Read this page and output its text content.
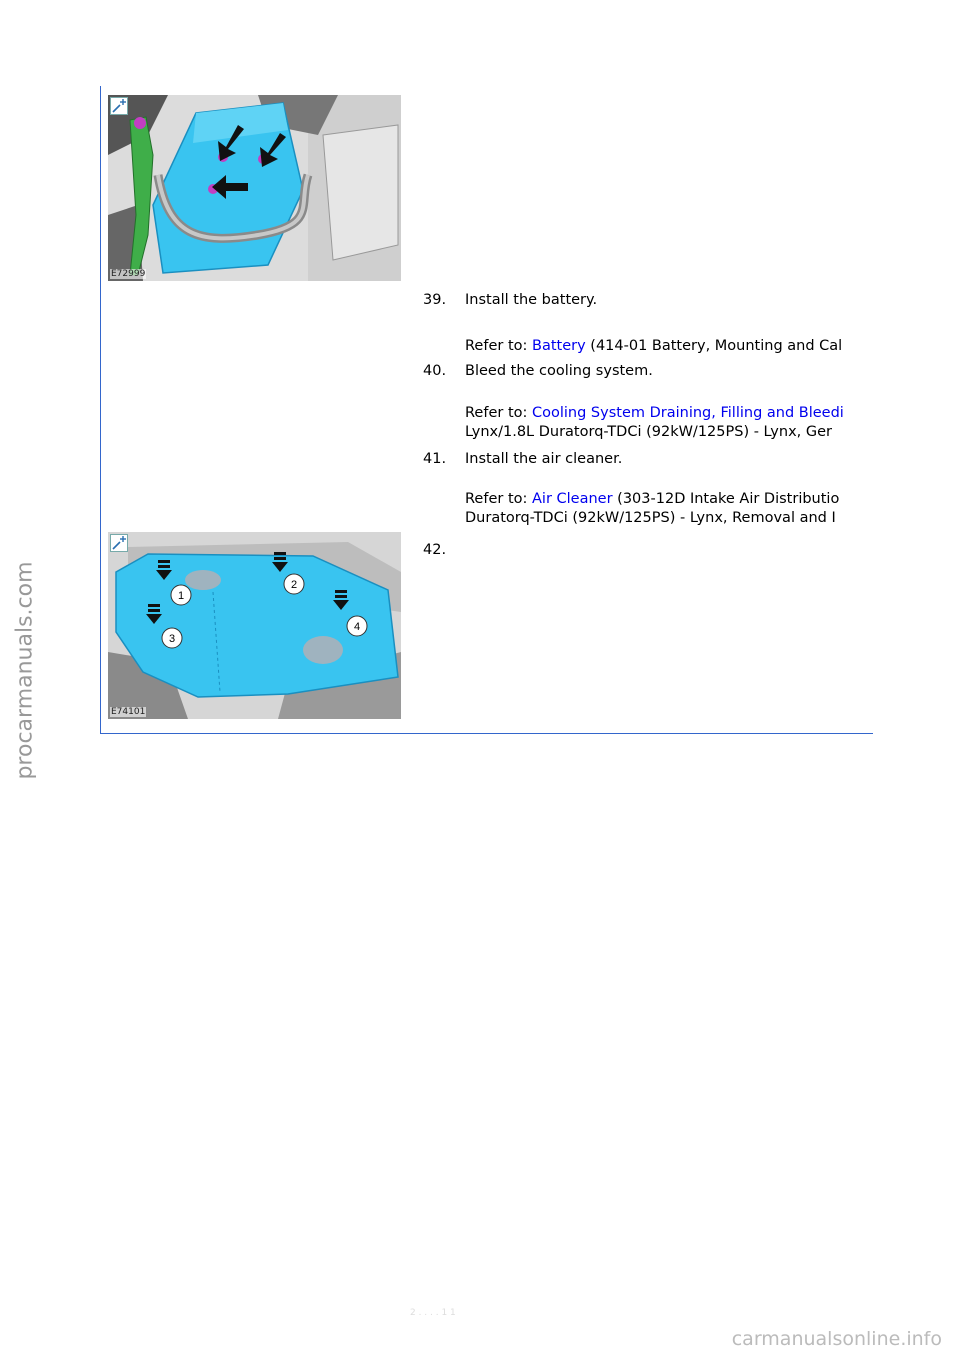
procarmanuals.com
E72999
39. Install the battery.
Refer to: Battery (414-01 Battery, Mounting and Cal
40. Bleed the cooling system.
Refer to: Cooling System Draining, Filling and Bleedi
Lynx/1.8L Duratorq-TDCi (92kW/125PS) - Lynx, Ger
41. Install the air cleaner.
Refer to: Air Cleaner (303-12D Intake Air Distributio
Duratorq-TDCi (92kW/125PS) - Lynx, Removal and I
42.
1
2
3
4
E74101
2 . . . . 1 1
carmanualsonline.info
